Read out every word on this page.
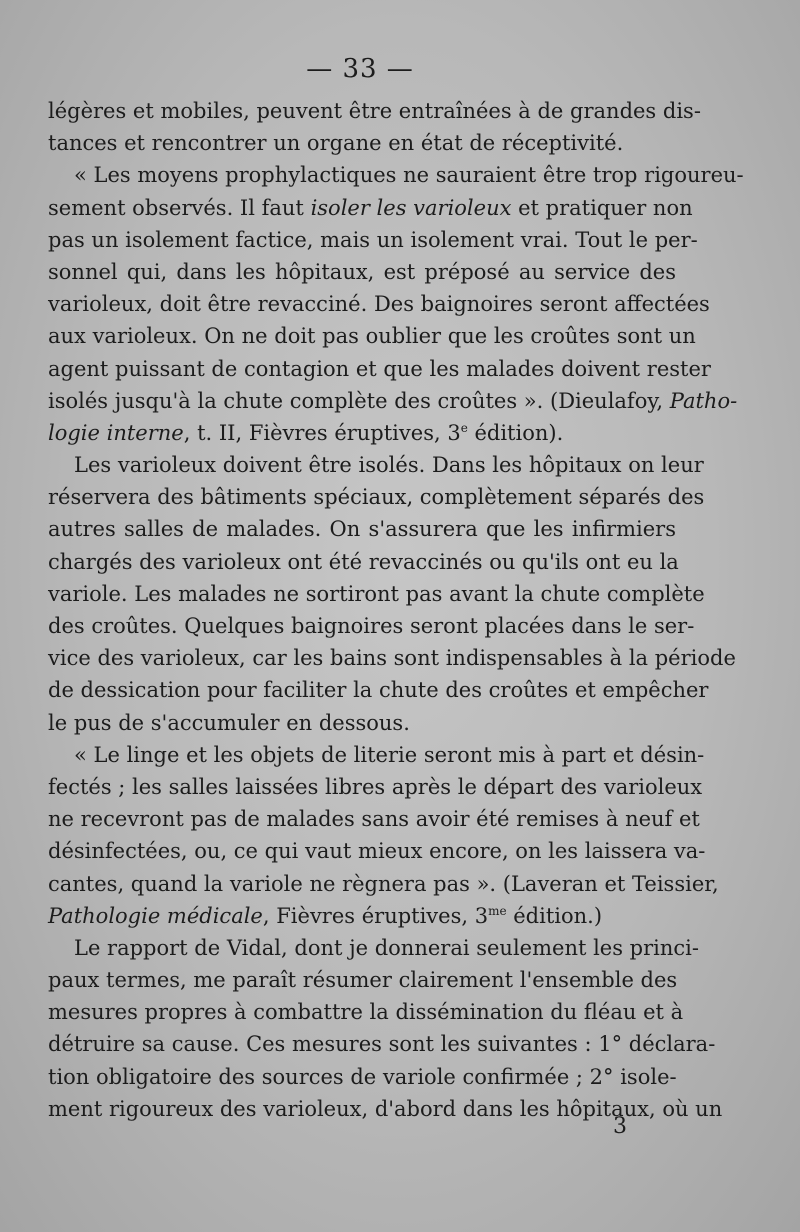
— 33 —
légères et mobiles, peuvent être entraînées à de grandes dis-
tances et rencontrer un organe en état de réceptivité.
« Les moyens prophylactiques ne sauraient être trop rigoureu-
sement observés. Il faut isoler les varioleux et pratiquer non
pas un isolement factice, mais un isolement vrai. Tout le per-
sonnel qui, dans les hôpitaux, est préposé au service des
varioleux, doit être revacciné. Des baignoires seront affectées
aux varioleux. On ne doit pas oublier que les croûtes sont un
agent puissant de contagion et que les malades doivent rester
isolés jusqu'à la chute complète des croûtes ». (Dieulafoy, Patho-
logie interne, t. II, Fièvres éruptives, 3e édition).
Les varioleux doivent être isolés. Dans les hôpitaux on leur
réservera des bâtiments spéciaux, complètement séparés des
autres salles de malades. On s'assurera que les infirmiers
chargés des varioleux ont été revaccinés ou qu'ils ont eu la
variole. Les malades ne sortiront pas avant la chute complète
des croûtes. Quelques baignoires seront placées dans le ser-
vice des varioleux, car les bains sont indispensables à la période
de dessication pour faciliter la chute des croûtes et empêcher
le pus de s'accumuler en dessous.
« Le linge et les objets de literie seront mis à part et désin-
fectés ; les salles laissées libres après le départ des varioleux
ne recevront pas de malades sans avoir été remises à neuf et
désinfectées, ou, ce qui vaut mieux encore, on les laissera va-
cantes, quand la variole ne règnera pas ». (Laveran et Teissier,
Pathologie médicale, Fièvres éruptives, $3^{me}$ édition.)
Le rapport de Vidal, dont je donnerai seulement les princi-
paux termes, me paraît résumer clairement l'ensemble des
mesures propres à combattre la dissémination du fléau et à
détruire sa cause. Ces mesures sont les suivantes : 1° déclara-
tion obligatoire des sources de variole confirmée ; 2° isole-
ment rigoureux des varioleux, d'abord dans les hôpitaux, où un
3
